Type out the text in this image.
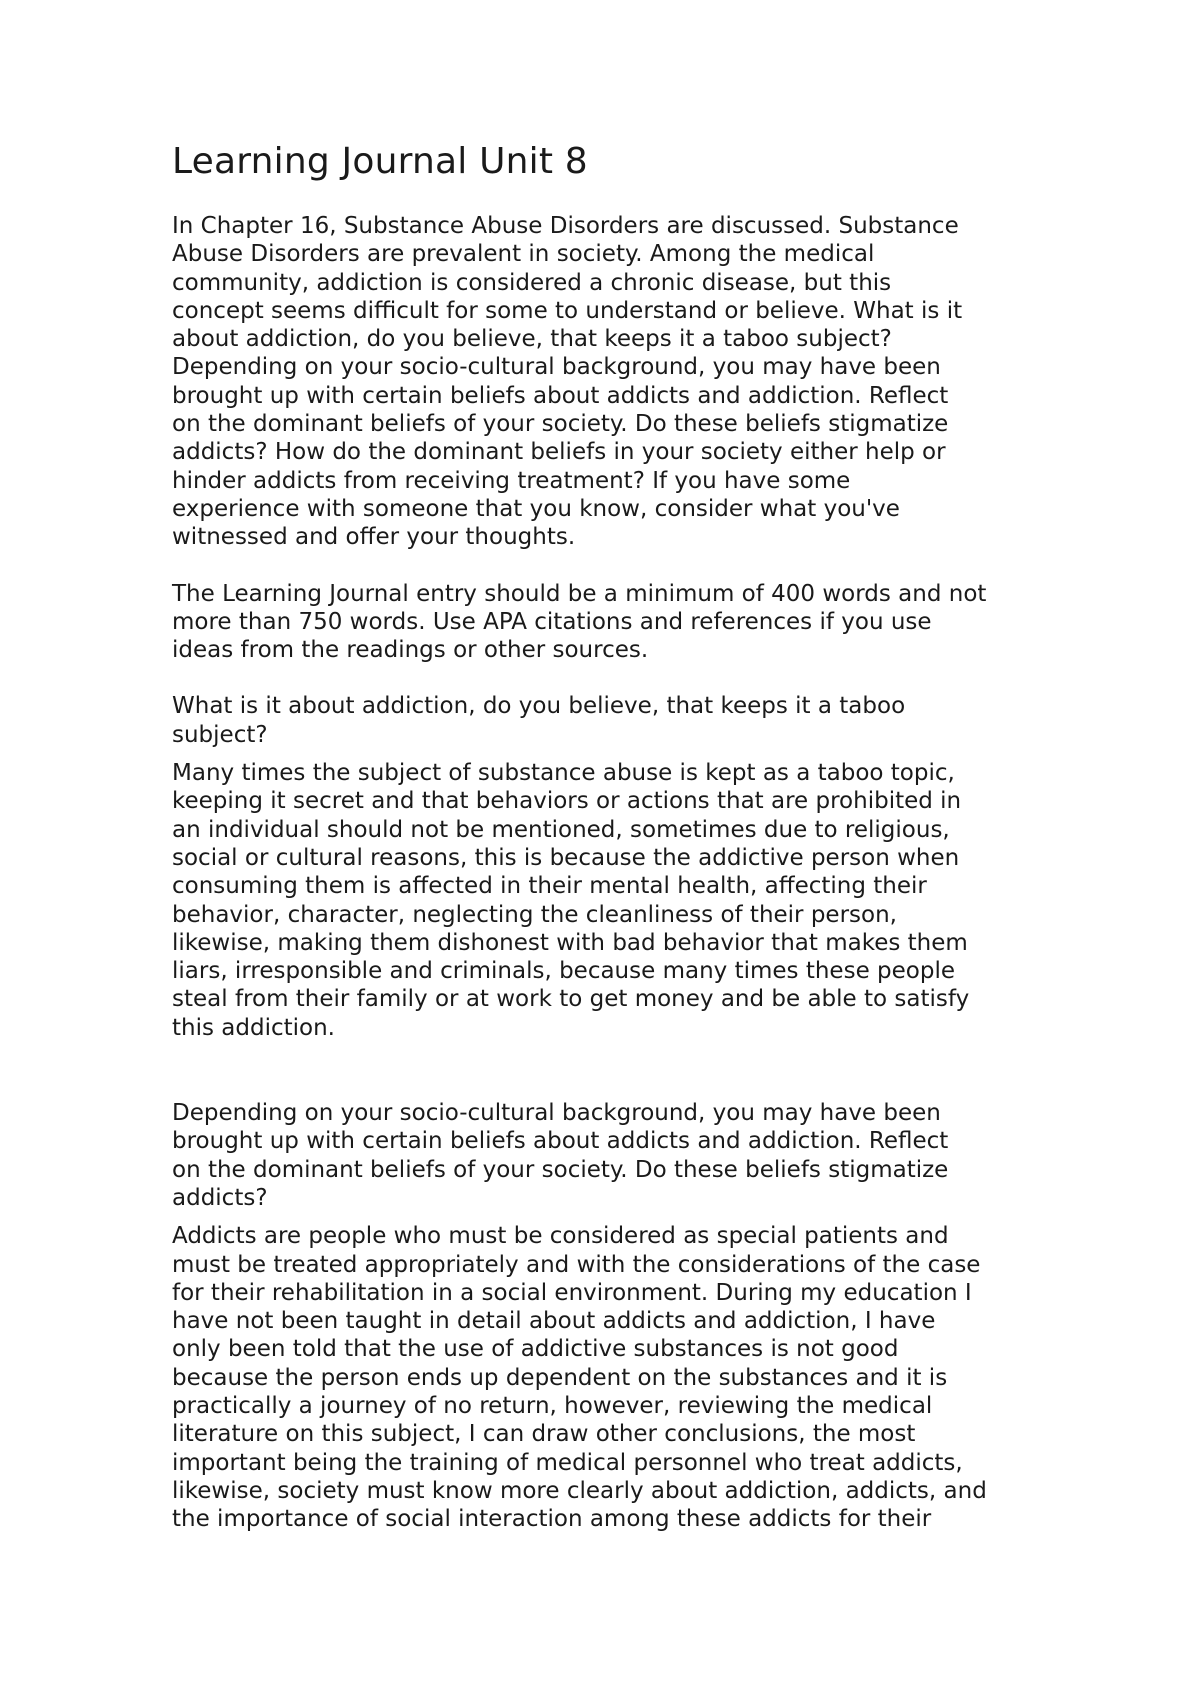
Learning Journal Unit 8

In Chapter 16, Substance Abuse Disorders are discussed. Substance
Abuse Disorders are prevalent in society. Among the medical
community, addiction is considered a chronic disease, but this
concept seems difficult for some to understand or believe. What is it
about addiction, do you believe, that keeps it a taboo subject?
Depending on your socio-cultural background, you may have been
brought up with certain beliefs about addicts and addiction. Reflect
on the dominant beliefs of your society. Do these beliefs stigmatize
addicts? How do the dominant beliefs in your society either help or
hinder addicts from receiving treatment? If you have some
experience with someone that you know, consider what you've
witnessed and offer your thoughts.

The Learning Journal entry should be a minimum of 400 words and not
more than 750 words. Use APA citations and references if you use
ideas from the readings or other sources.

What is it about addiction, do you believe, that keeps it a taboo
subject?

Many times the subject of substance abuse is kept as a taboo topic,
keeping it secret and that behaviors or actions that are prohibited in
an individual should not be mentioned, sometimes due to religious,
social or cultural reasons, this is because the addictive person when
consuming them is affected in their mental health, affecting their
behavior, character, neglecting the cleanliness of their person,
likewise, making them dishonest with bad behavior that makes them
liars, irresponsible and criminals, because many times these people
steal from their family or at work to get money and be able to satisfy
this addiction.

Depending on your socio-cultural background, you may have been
brought up with certain beliefs about addicts and addiction. Reflect
on the dominant beliefs of your society. Do these beliefs stigmatize
addicts?

Addicts are people who must be considered as special patients and
must be treated appropriately and with the considerations of the case
for their rehabilitation in a social environment. During my education I
have not been taught in detail about addicts and addiction, I have
only been told that the use of addictive substances is not good
because the person ends up dependent on the substances and it is
practically a journey of no return, however, reviewing the medical
literature on this subject, I can draw other conclusions, the most
important being the training of medical personnel who treat addicts,
likewise, society must know more clearly about addiction, addicts, and
the importance of social interaction among these addicts for their
